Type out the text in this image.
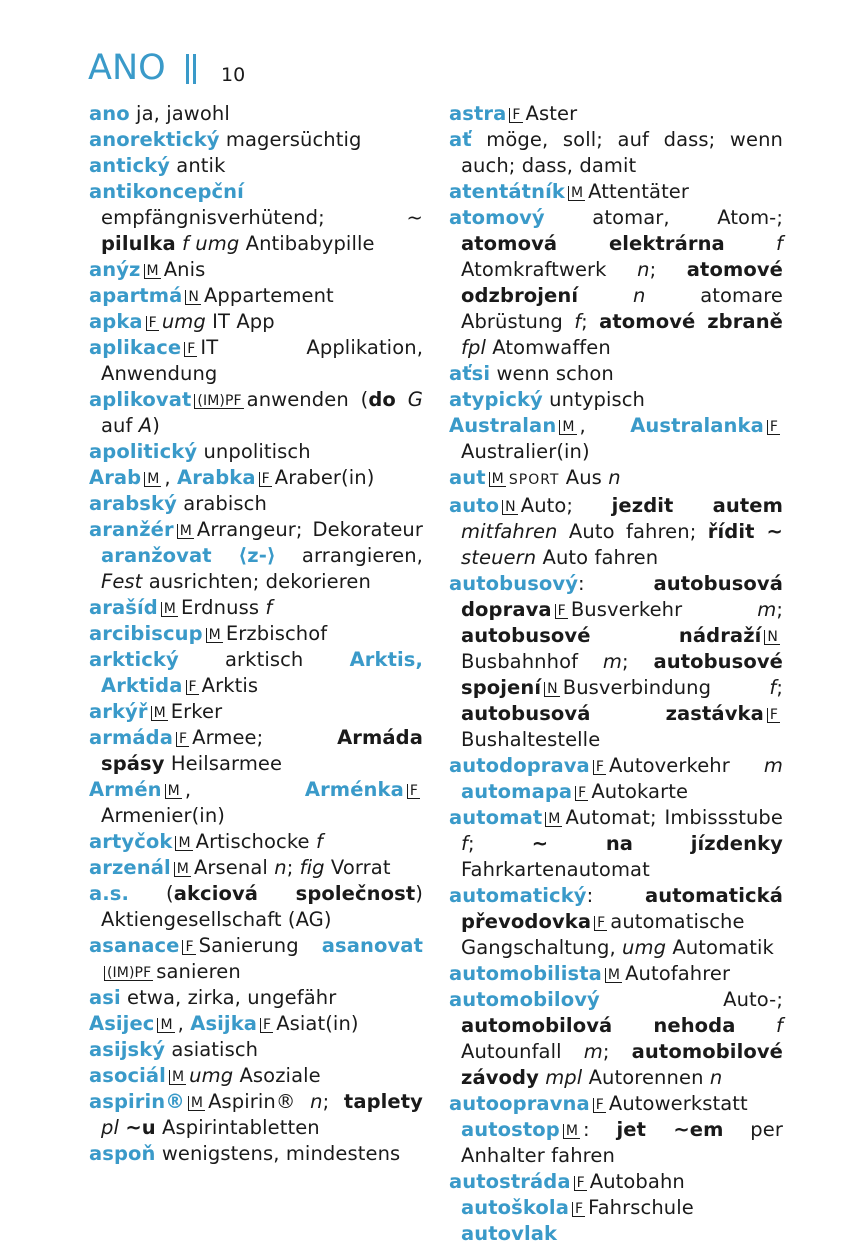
ANO	10

ano ja, jawohl

anorektický magersüchtig

antický antik

antikoncepční empfängnisverhütend; ~ pilulka f umg Antibabypille

anýz M Anis

apartmá N Appartement

apka F umg IT App

aplikace F IT Applikation, Anwendung

aplikovat (IM)PF anwenden (do G auf A)

apolitický unpolitisch

Arab M , Arabka F Araber(in)

arabský arabisch

aranžér M Arrangeur; Dekorateur aranžovat ⟨z-⟩ arrangieren, Fest ausrichten; dekorieren

arašíd M Erdnuss f

arcibiscup M Erzbischof

arktický arktisch Arktis, Arktida F Arktis

arkýř M Erker

armáda F Armee; Armáda spásy Heilsarmee

Armén M , Arménka FArmenier(in)

artyčok M Artischocke f

arzenál M Arsenal n; fig Vorrat

a.s. (akciová společnost) Aktiengesellschaft (AG)

asanace F Sanierung asanovat(IM)PF sanieren

asi etwa, zirka, ungefähr

Asijec M , Asijka F Asiat(in)

asijský asiatisch

asociál M umg Asoziale

aspirin® M Aspirin® n; taplety pl ~u Aspirintabletten

aspoň wenigstens, mindestens

astra F Aster

ať möge, soll; auf dass; wenn auch; dass, damit

atentátník M Attentäter

atomový atomar, Atom-; atomová elektrárna	f Atomkraftwerk n; atomové odzbrojení	n atomare Abrüstung f; atomové zbraně fpl Atomwaffen

aťsi wenn schon

atypický untypisch

Australan M , Australanka FAustralier(in)

aut M SPORT Aus n

auto N Auto; jezdit autem mitfahren Auto fahren; řídit ~ steuern Auto fahren

autobusový: autobusová doprava F Busverkehr m; autobusové nádraží NBusbahnhof m; autobusové spojení N Busverbindung f; autobusová zastávka FBushaltestelle

autodoprava F Autoverkehr m automapa F Autokarte

automat M Automat; Imbissstube f; ~ na jízdenky Fahrkartenautomat

automatický: automatická převodovka F automatische Gangschaltung, umg Automatik

automobilista M Autofahrer

automobilový Auto-; automobilová nehoda f Autounfall m; automobilové závody mpl Autorennen n

autoopravna F Autowerkstatt autostop M : jet ~em per Anhalter fahren

autostráda F Autobahn autoškola F Fahrschule autovlak
